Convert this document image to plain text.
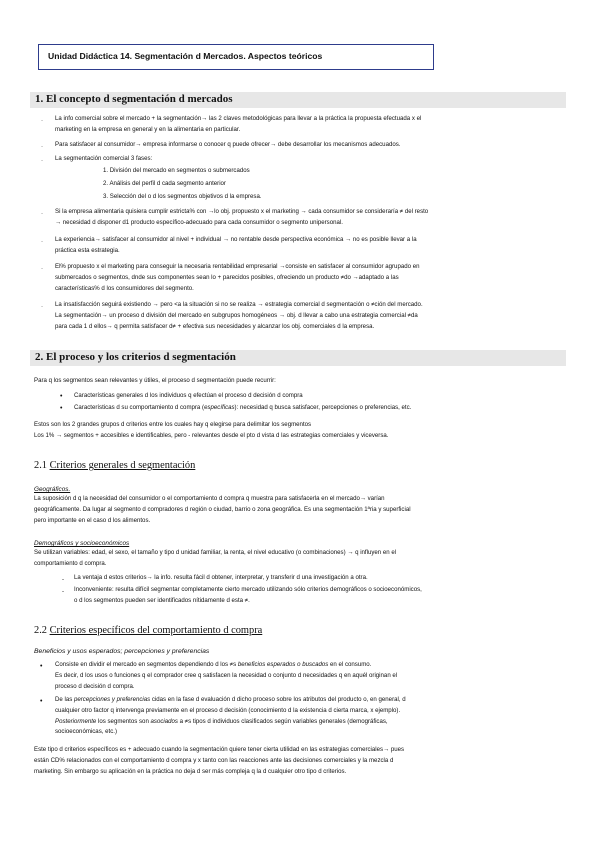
Unidad Didáctica 14. Segmentación d Mercados. Aspectos teóricos
1. El concepto d segmentación d mercados
· La info comercial sobre el mercado + la segmentación→ las 2 claves metodológicas para llevar a la práctica la propuesta efectuada x el
marketing en la empresa en general y en la alimentaria en particular.
· Para satisfacer al consumidor→ empresa informarse o conocer q puede ofrecer→ debe desarrollar los mecanismos adecuados.
· La segmentación comercial 3 fases:
1. División del mercado en segmentos o submercados
2. Análisis del perfil d cada segmento anterior
3. Selección del o d los segmentos objetivos d la empresa.
· Si la empresa alimentaria quisiera cumplir estricta% con →lo obj. propuesto x el marketing → cada consumidor se consideraría ≠ del resto
→ necesidad d disponer d1 producto específico-adecuado para cada consumidor o segmento unipersonal.
· La experiencia→ satisfacer al consumidor al nivel + individual → no rentable desde perspectiva económica → no es posible llevar a la
práctica esta estrategia.
· El% propuesto x el marketing para conseguir la necesaria rentabilidad empresarial →consiste en satisfacer al consumidor agrupado en
submercados o segmentos, dnde sus componentes sean lo + parecidos posibles, ofreciendo un producto ≠do →adaptado a las
características% d los consumidores del segmento.
· La insatisfacción seguirá existiendo → pero <a la situación si no se realiza → estrategia comercial d segmentación o ≠ción del mercado.
La segmentación→ un proceso d división del mercado en subgrupos homogéneos → obj. d llevar a cabo una estrategia comercial ≠da
para cada 1 d ellos→ q permita satisfacer d≠ + efectiva sus necesidades y alcanzar los obj. comerciales d la empresa.
2. El proceso y los criterios d segmentación
Para q los segmentos sean relevantes y útiles, el proceso d segmentación puede recurrir:
• Características generales d los individuos q efectúan el proceso d decisión d compra
• Características d su comportamiento d compra (específicas): necesidad q busca satisfacer, percepciones o preferencias, etc.
Estos son los 2 grandes grupos d criterios entre los cuales hay q elegirse para delimitar los segmentos
Los 1% → segmentos + accesibles e identificables, pero - relevantes desde el pto d vista d las estrategias comerciales y viceversa.
2.1 Criterios generales d segmentación
Geográficos.
La suposición d q la necesidad del consumidor o el comportamiento d compra q muestra para satisfacerla en el mercado→ varían
geográficamente. Da lugar al segmento d compradores d región o ciudad, barrio o zona geográfica. Es una segmentación 1ªria y superficial
pero importante en el caso d los alimentos.
Demográficos y socioeconómicos
Se utilizan variables: edad, el sexo, el tamaño y tipo d unidad familiar, la renta, el nivel educativo (o combinaciones) → q influyen en el
comportamiento d compra.
- La ventaja d estos criterios→ la info. resulta fácil d obtener, interpretar, y transferir d una investigación a otra.
- Inconveniente: resulta difícil segmentar completamente cierto mercado utilizando sólo criterios demográficos o socioeconómicos,
o d los segmentos pueden ser identificados nítidamente d esta ≠.
2.2 Criterios específicos del comportamiento d compra
Beneficios y usos esperados; percepciones y preferencias
• Consiste en dividir el mercado en segmentos dependiendo d los ≠s beneficios esperados o buscados en el consumo.
Es decir, d los usos o funciones q el comprador cree q satisfacen la necesidad o conjunto d necesidades q en aquél originan el
proceso d decisión d compra.
• De las percepciones y preferencias cidas en la fase d evaluación d dicho proceso sobre los atributos del producto o, en general, d
cualquier otro factor q intervenga previamente en el proceso d decisión (conocimiento d la existencia d cierta marca, x ejemplo).
Posteriormente los segmentos son asociados a ≠s tipos d individuos clasificados según variables generales (demográficas,
socioeconómicas, etc.)
Este tipo d criterios específicos es + adecuado cuando la segmentación quiere tener cierta utilidad en las estrategias comerciales→ pues
están CD% relacionados con el comportamiento d compra y x tanto con las reacciones ante las decisiones comerciales y la mezcla d
marketing. Sin embargo su aplicación en la práctica no deja d ser más compleja q la d cualquier otro tipo d criterios.
